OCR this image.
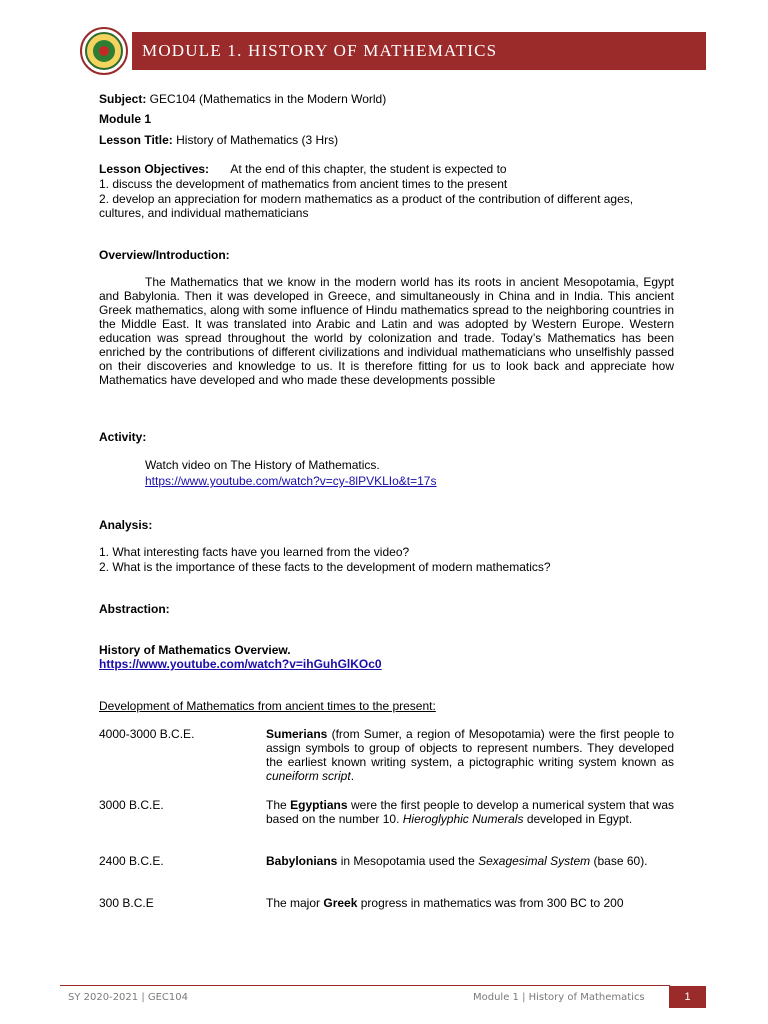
MODULE 1. HISTORY OF MATHEMATICS
Subject: GEC104 (Mathematics in the Modern World)
Module 1
Lesson Title: History of Mathematics (3 Hrs)
Lesson Objectives: At the end of this chapter, the student is expected to
1. discuss the development of mathematics from ancient times to the present
2. develop an appreciation for modern mathematics as a product of the contribution of different ages,
cultures, and individual mathematicians
Overview/Introduction:
The Mathematics that we know in the modern world has its roots in ancient Mesopotamia, Egypt and Babylonia. Then it was developed in Greece, and simultaneously in China and in India. This ancient Greek mathematics, along with some influence of Hindu mathematics spread to the neighboring countries in the Middle East. It was translated into Arabic and Latin and was adopted by Western Europe. Western education was spread throughout the world by colonization and trade. Today’s Mathematics has been enriched by the contributions of different civilizations and individual mathematicians who unselfishly passed on their discoveries and knowledge to us. It is therefore fitting for us to look back and appreciate how Mathematics have developed and who made these developments possible
Activity:
Watch video on The History of Mathematics.
https://www.youtube.com/watch?v=cy-8lPVKLIo&t=17s
Analysis:
1. What interesting facts have you learned from the video?
2. What is the importance of these facts to the development of modern mathematics?
Abstraction:
History of Mathematics Overview.
https://www.youtube.com/watch?v=ihGuhGlKOc0
Development of Mathematics from ancient times to the present:
4000-3000 B.C.E.	Sumerians (from Sumer, a region of Mesopotamia) were the first people to assign symbols to group of objects to represent numbers. They developed the earliest known writing system, a pictographic writing system known as cuneiform script.
3000 B.C.E.	The Egyptians were the first people to develop a numerical system that was based on the number 10. Hieroglyphic Numerals developed in Egypt.
2400 B.C.E.	Babylonians in Mesopotamia used the Sexagesimal System (base 60).
300 B.C.E	The major Greek progress in mathematics was from 300 BC to 200
SY 2020-2021 | GEC104	Module 1 | History of Mathematics	1
